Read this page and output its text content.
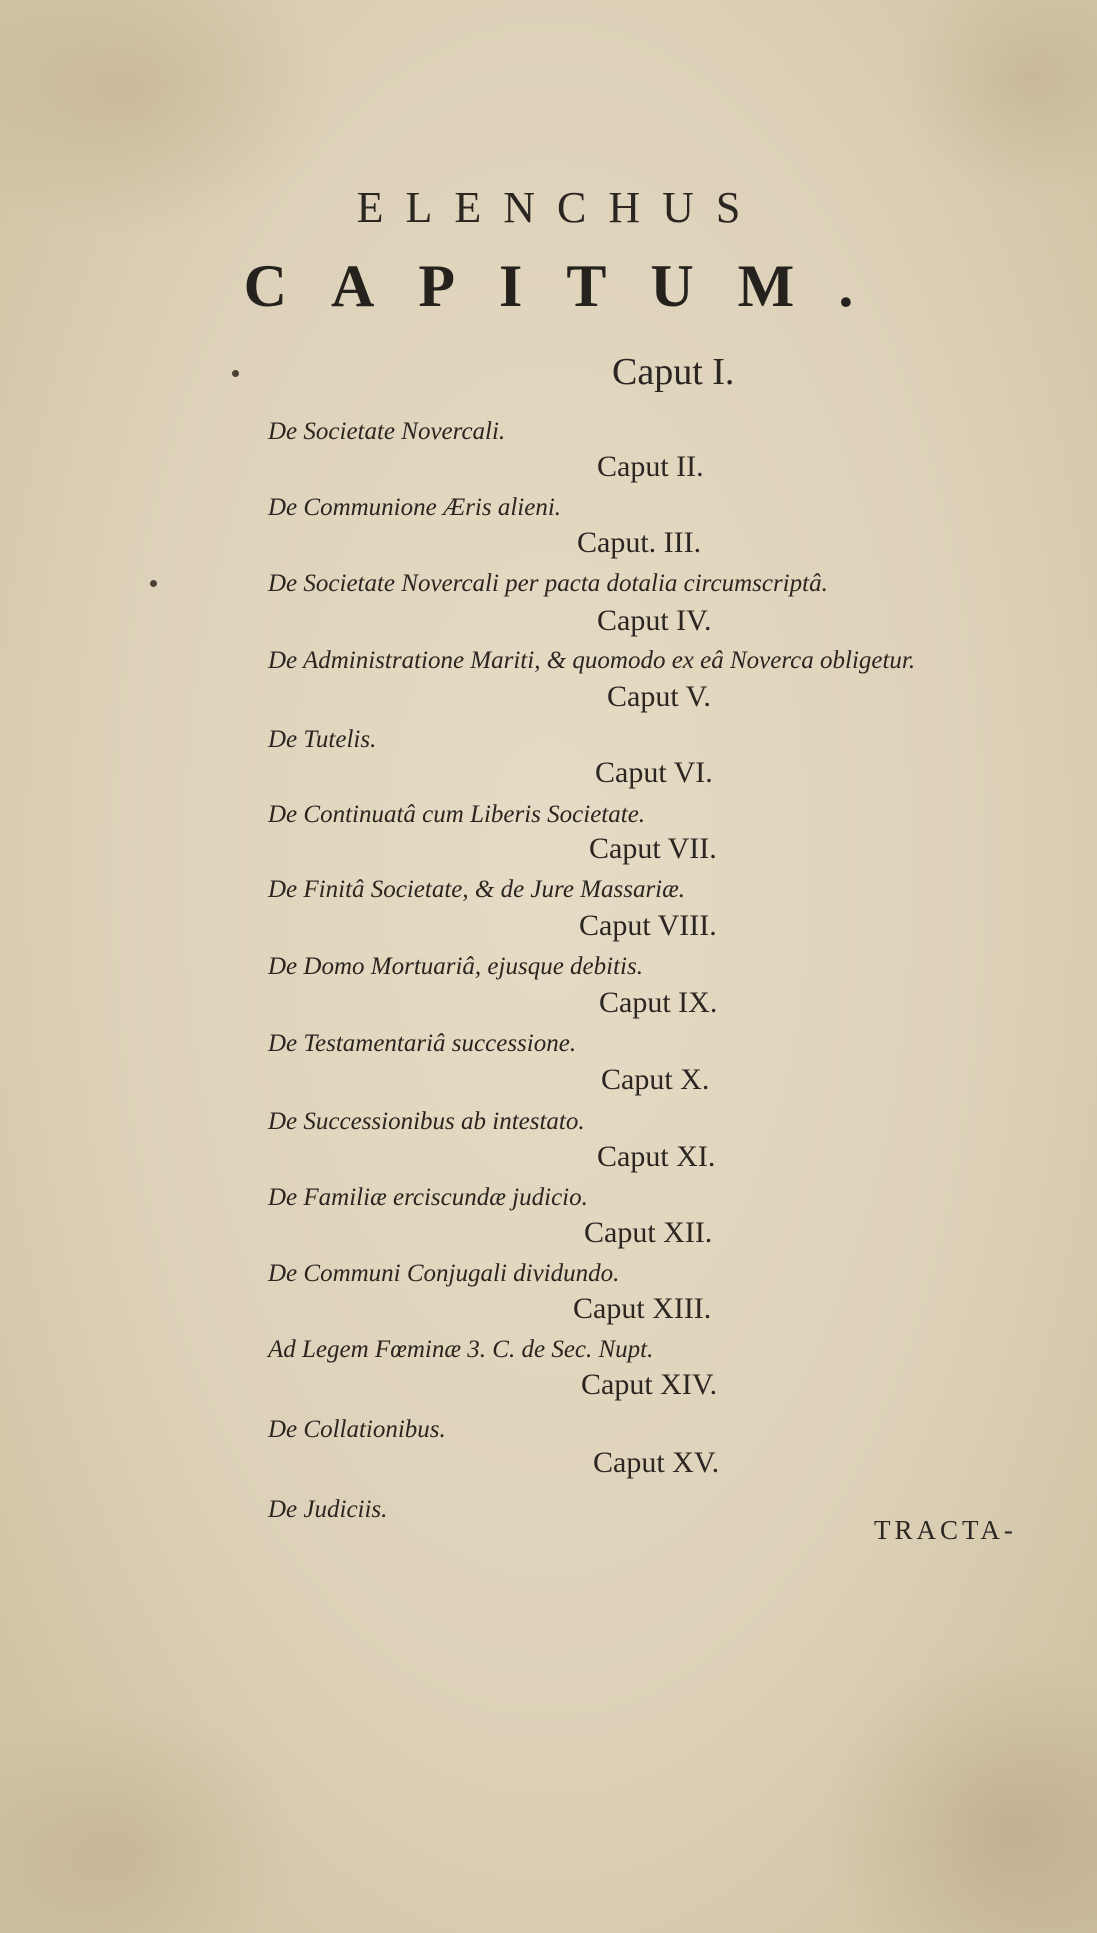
ELENCHUS
CAPITUM.
Caput I.
De Societate Novercali.
Caput II.
De Communione Æris alieni.
Caput. III.
De Societate Novercali per pacta dotalia circumscriptâ.
Caput IV.
De Administratione Mariti, & quomodo ex eâ Noverca obligetur.
Caput V.
De Tutelis.
Caput VI.
De Continuatâ cum Liberis Societate.
Caput VII.
De Finitâ Societate, & de Jure Massariæ.
Caput VIII.
De Domo Mortuariâ, ejusque debitis.
Caput IX.
De Testamentariâ successione.
Caput X.
De Successionibus ab intestato.
Caput XI.
De Familiæ erciscundæ judicio.
Caput XII.
De Communi Conjugali dividundo.
Caput XIII.
Ad Legem Fœminæ 3. C. de Sec. Nupt.
Caput XIV.
De Collationibus.
Caput XV.
De Judiciis.
TRACTA-
